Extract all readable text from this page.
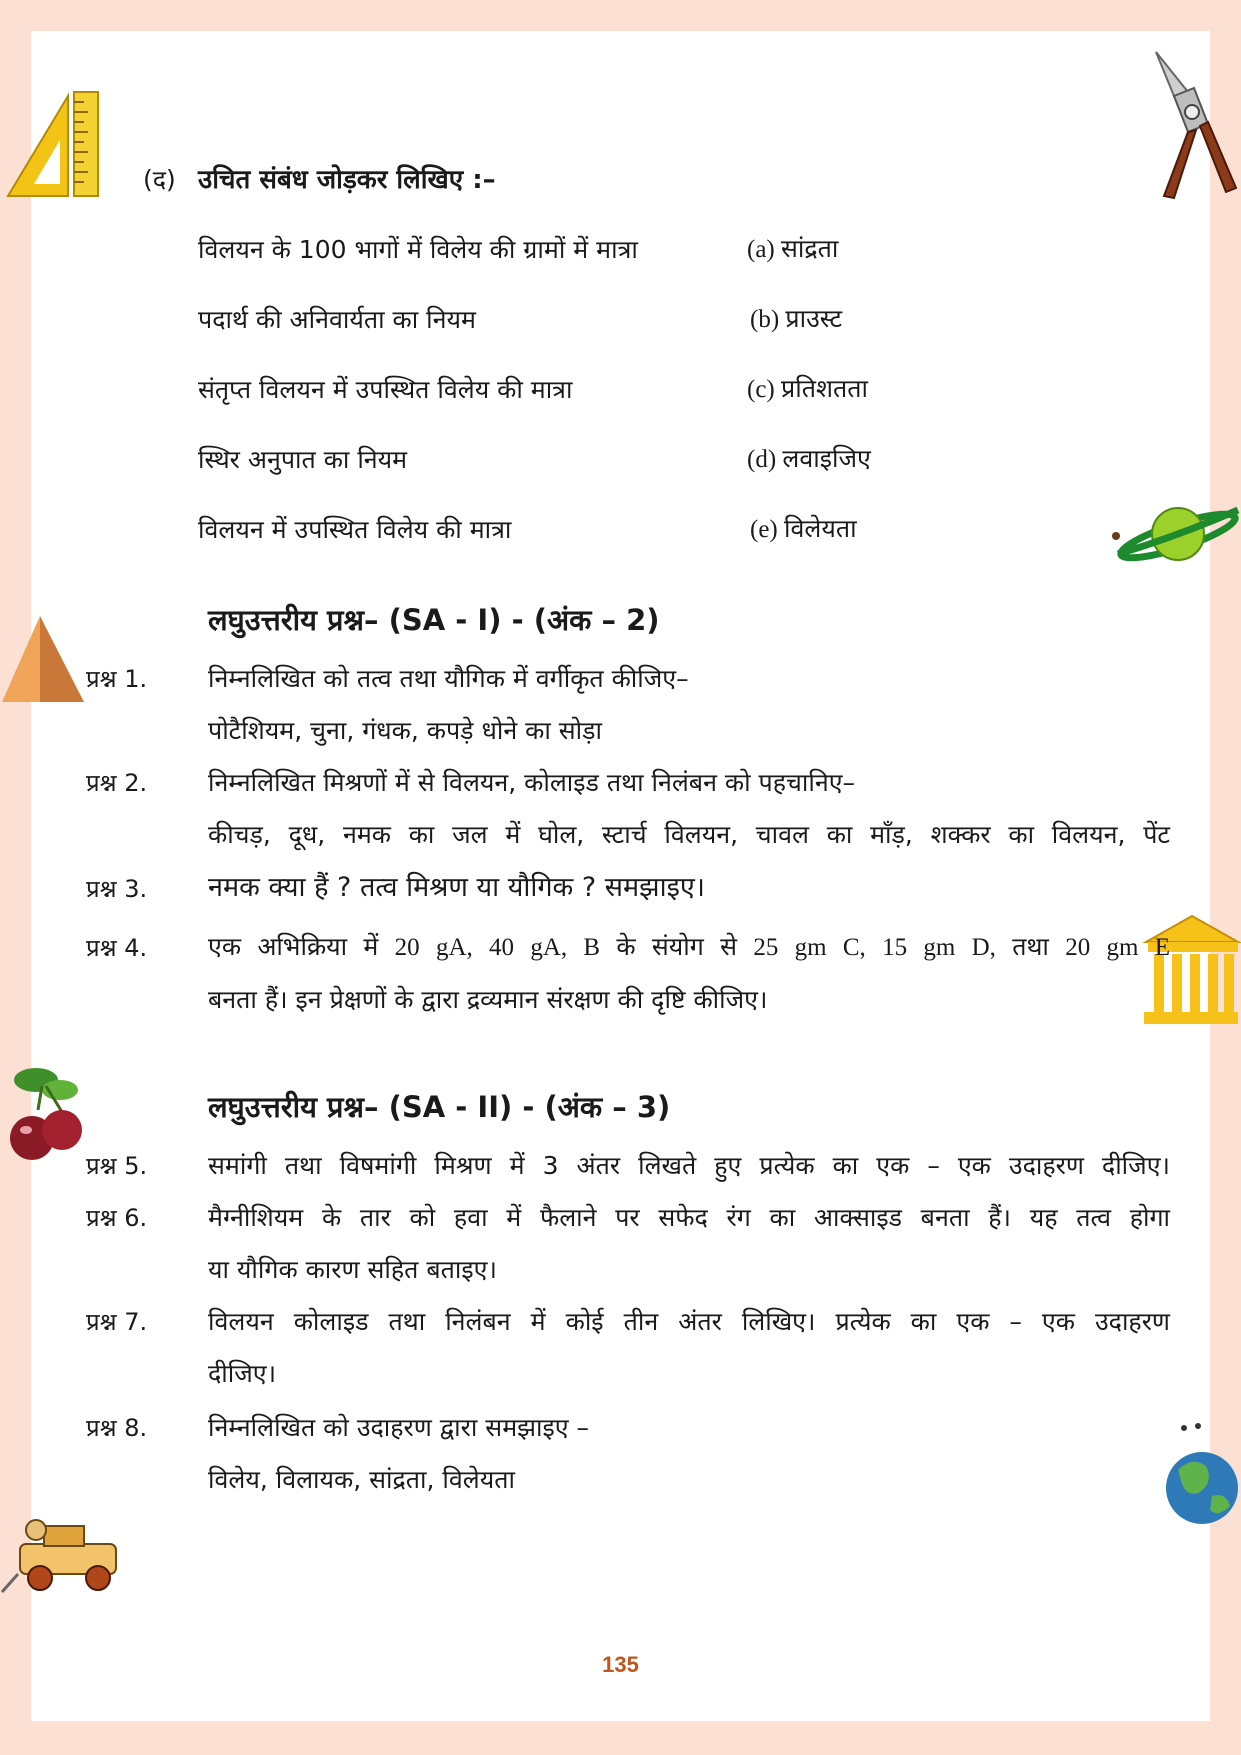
(द) उचित संबंध जोड़कर लिखिए :–
विलयन के 100 भागों में विलेय की ग्रामों में मात्रा	(a) सांद्रता
पदार्थ की अनिवार्यता का नियम	(b) प्राउस्ट
संतृप्त विलयन में उपस्थित विलेय की मात्रा	(c) प्रतिशतता
स्थिर अनुपात का नियम	(d) लवाइजिए
विलयन में उपस्थित विलेय की मात्रा	(e) विलेयता
लघुउत्तरीय प्रश्न– (SA - I) - (अंक – 2)
प्रश्न 1. निम्नलिखित को तत्व तथा यौगिक में वर्गीकृत कीजिए–
पोटैशियम, चुना, गंधक, कपड़े धोने का सोड़ा
प्रश्न 2. निम्नलिखित मिश्रणों में से विलयन, कोलाइड तथा निलंबन को पहचानिए–
कीचड़, दूध, नमक का जल में घोल, स्टार्च विलयन, चावल का माँड़, शक्कर का विलयन, पेंट
प्रश्न 3. नमक क्या हैं ? तत्व मिश्रण या यौगिक ? समझाइए।
प्रश्न 4. एक अभिक्रिया में 20 gA, 40 gA, B के संयोग से 25 gm C, 15 gm D, तथा 20 gm E
बनता हैं। इन प्रेक्षणों के द्वारा द्रव्यमान संरक्षण की दृष्टि कीजिए।
लघुउत्तरीय प्रश्न– (SA - II) - (अंक – 3)
प्रश्न 5. समांगी तथा विषमांगी मिश्रण में 3 अंतर लिखते हुए प्रत्येक का एक – एक उदाहरण दीजिए।
प्रश्न 6. मैग्नीशियम के तार को हवा में फैलाने पर सफेद रंग का आक्साइड बनता हैं। यह तत्व होगा
या यौगिक कारण सहित बताइए।
प्रश्न 7. विलयन कोलाइड तथा निलंबन में कोई तीन अंतर लिखिए। प्रत्येक का एक – एक उदाहरण
दीजिए।
प्रश्न 8. निम्नलिखित को उदाहरण द्वारा समझाइए –
विलेय, विलायक, सांद्रता, विलेयता
135
